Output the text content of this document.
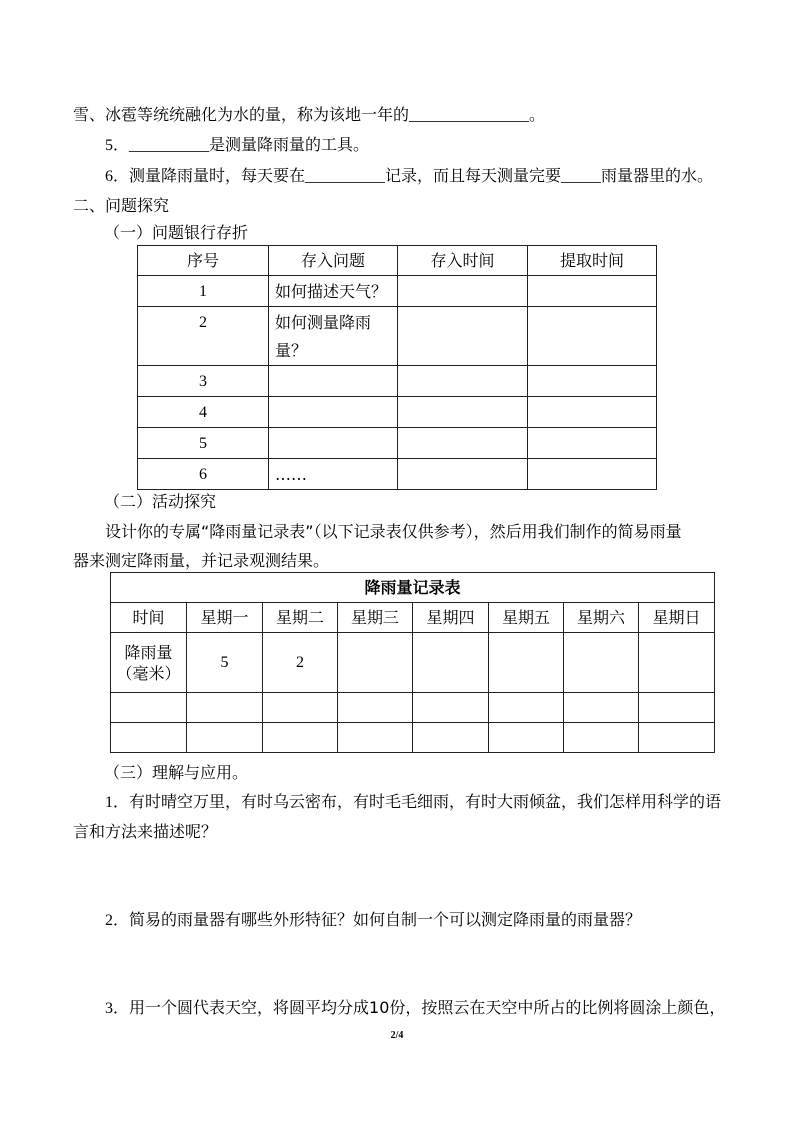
雪、冰雹等统统融化为水的量，称为该地一年的_______________。
5．__________是测量降雨量的工具。
6．测量降雨量时，每天要在__________记录，而且每天测量完要_____雨量器里的水。
二、问题探究
（一）问题银行存折
序号	存入问题	存入时间	提取时间
1	如何描述天气？		
2	如何测量降雨量？		
3			
4			
5			
6	……		
（二）活动探究
设计你的专属“降雨量记录表”（以下记录表仅供参考），然后用我们制作的简易雨量
器来测定降雨量，并记录观测结果。
降雨量记录表							
时间	星期一	星期二	星期三	星期四	星期五	星期六	星期日
降雨量（毫米）	5	2					

（三）理解与应用。
1．有时晴空万里，有时乌云密布，有时毛毛细雨，有时大雨倾盆，我们怎样用科学的语
言和方法来描述呢？
2．简易的雨量器有哪些外形特征？如何自制一个可以测定降雨量的雨量器？
3．用一个圆代表天空，将圆平均分成10份，按照云在天空中所占的比例将圆涂上颜色，
2/4
